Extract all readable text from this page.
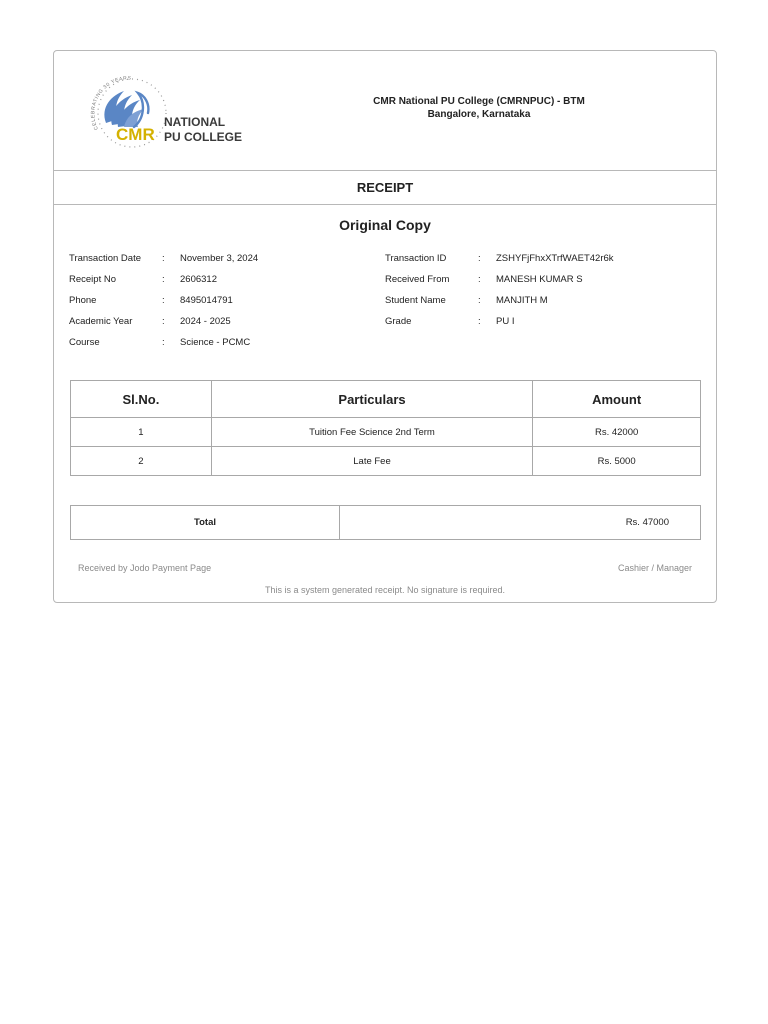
CELEBRATING 30 YEARS
CMR
NATIONAL
PU COLLEGE
CMR National PU College (CMRNPUC) - BTM
Bangalore, Karnataka
RECEIPT
Original Copy
Transaction Date : November 3, 2024
Receipt No	: 2606312
Phone	: 8495014791
Academic Year	: 2024 - 2025
Course	: Science - PCMC
Transaction ID	: ZSHYFjFhxXTrfWAET42r6k
Received From	: MANESH KUMAR S
Student Name	: MANJITH M
Grade	: PU I
Sl.No.	Particulars	Amount
1	Tuition Fee Science 2nd Term	Rs. 42000
2	Late Fee	Rs. 5000
Total	Rs. 47000
Received by Jodo Payment Page	Cashier / Manager
This is a system generated receipt. No signature is required.
